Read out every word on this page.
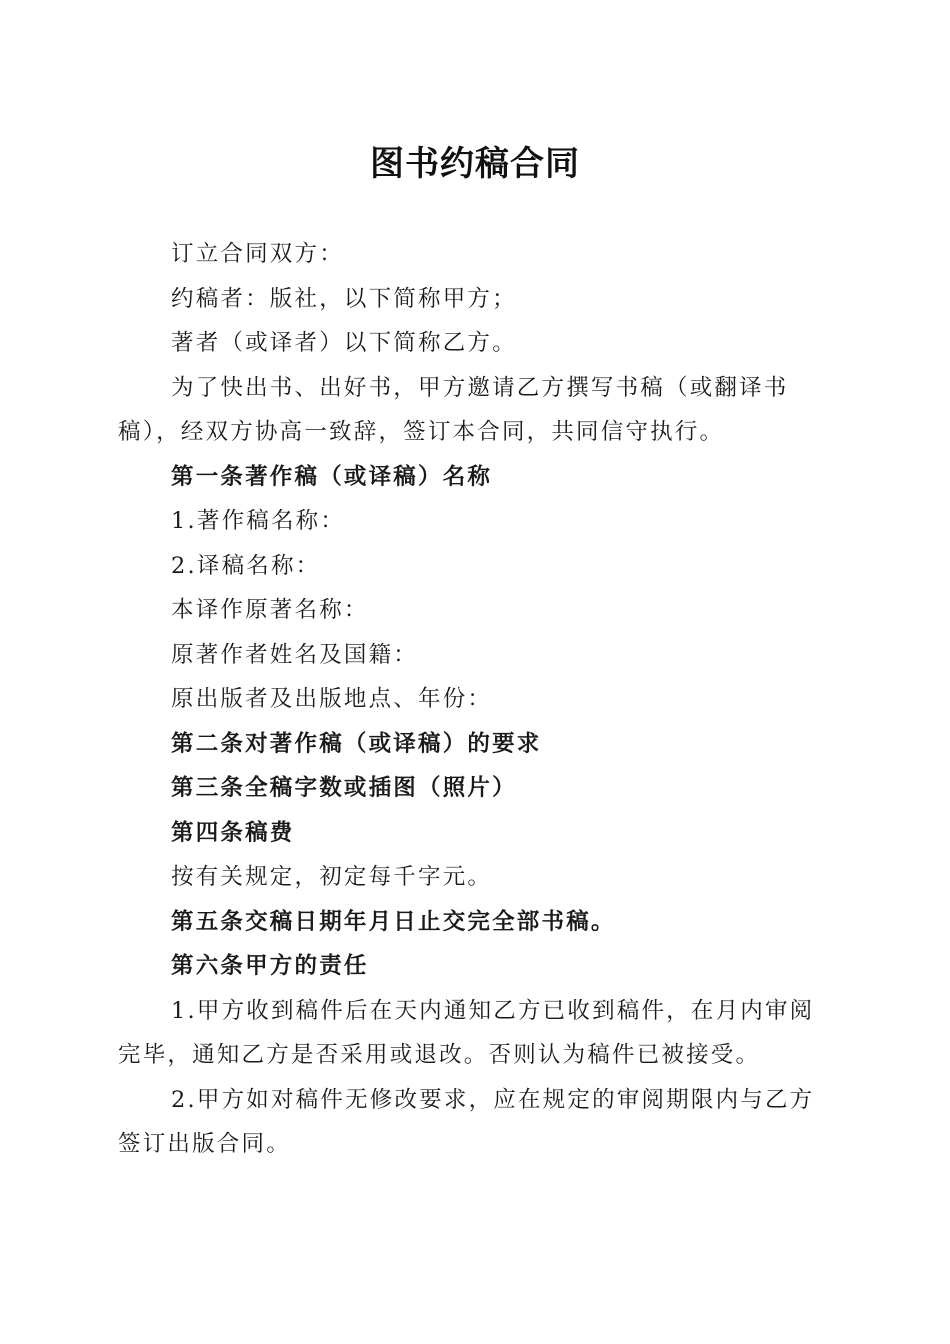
图书约稿合同

订立合同双方：

约稿者：版社，以下简称甲方；

著者（或译者）以下简称乙方。

为了快出书、出好书，甲方邀请乙方撰写书稿（或翻译书稿），经双方协高一致辞，签订本合同，共同信守执行。

第一条著作稿（或译稿）名称

1.著作稿名称：

2.译稿名称：

本译作原著名称：

原著作者姓名及国籍：

原出版者及出版地点、年份：

第二条对著作稿（或译稿）的要求

第三条全稿字数或插图（照片）

第四条稿费

按有关规定，初定每千字元。

第五条交稿日期年月日止交完全部书稿。

第六条甲方的责任

1.甲方收到稿件后在天内通知乙方已收到稿件，在月内审阅完毕，通知乙方是否采用或退改。否则认为稿件已被接受。

2.甲方如对稿件无修改要求，应在规定的审阅期限内与乙方签订出版合同。
